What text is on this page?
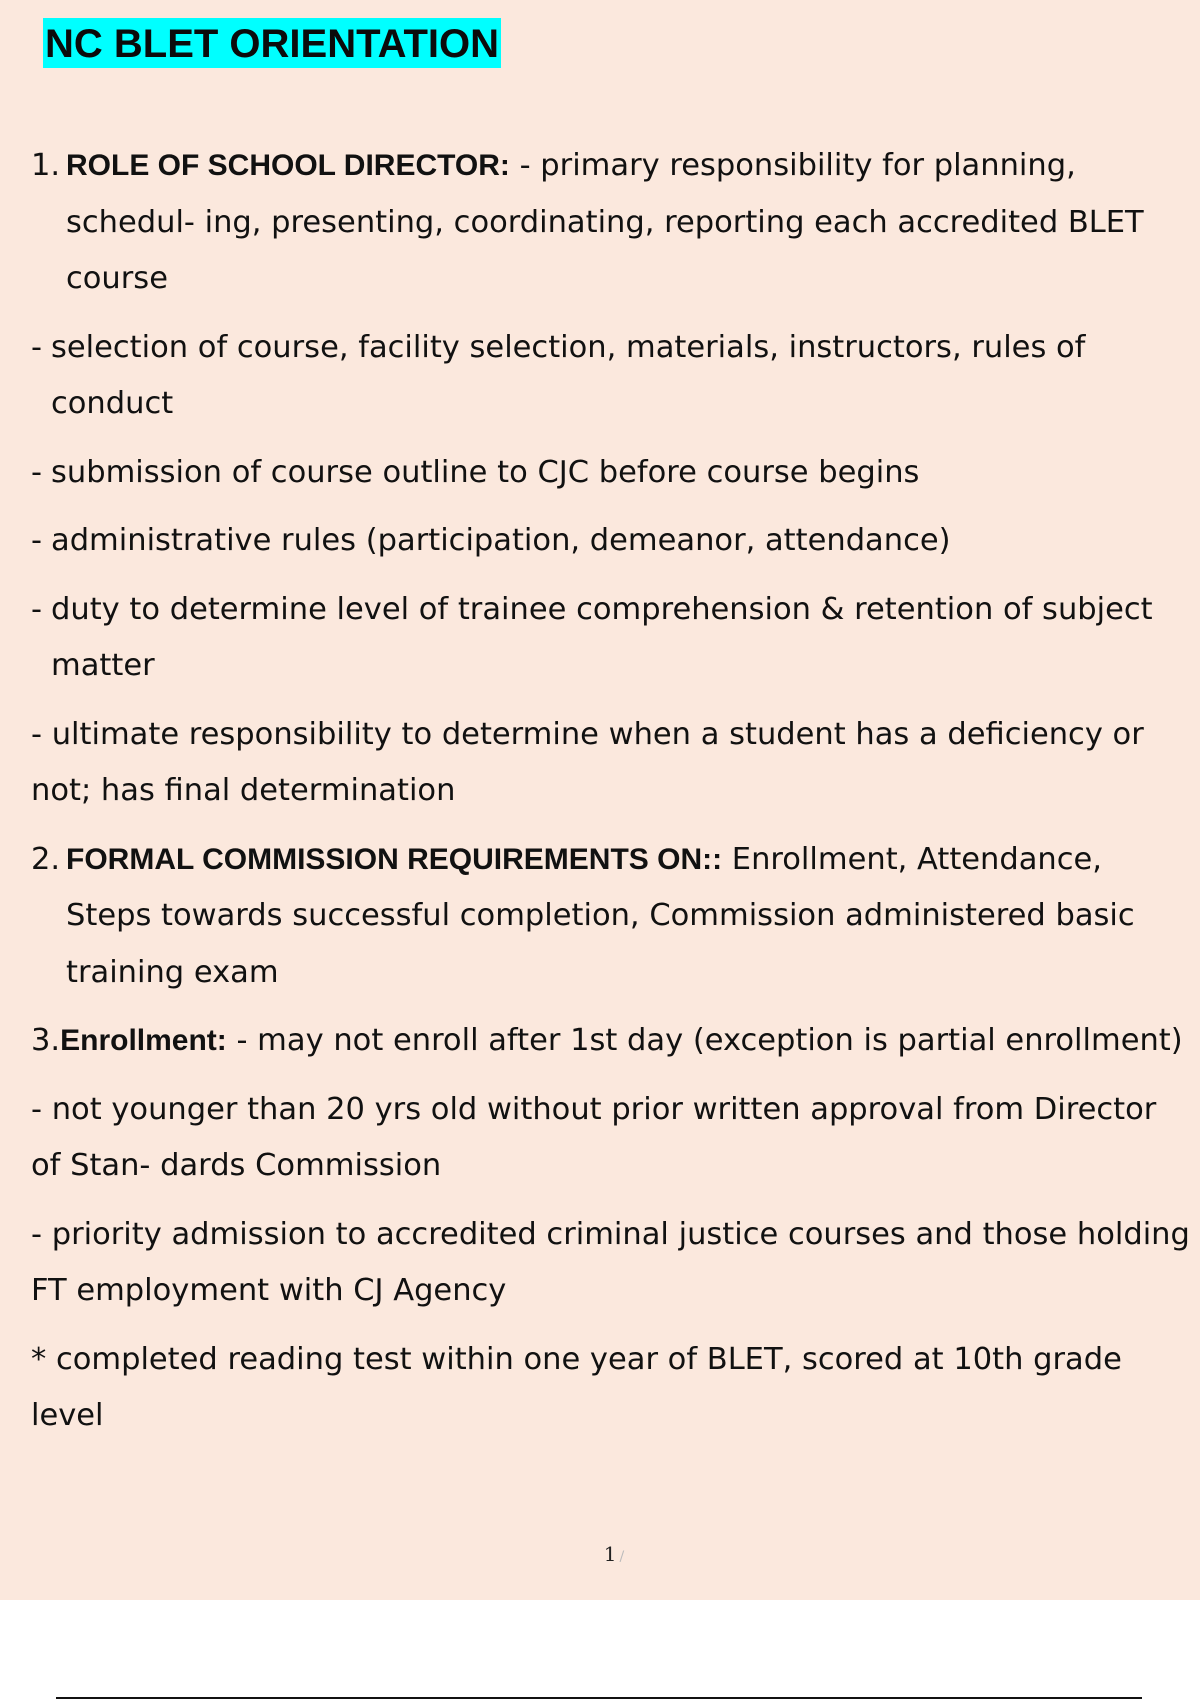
NC BLET ORIENTATION

1. ROLE OF SCHOOL DIRECTOR: - primary responsibility for planning, schedul- ing, presenting, coordinating, reporting each accredited BLET course

- selection of course, facility selection, materials, instructors, rules of conduct

- submission of course outline to CJC before course begins

- administrative rules (participation, demeanor, attendance)

- duty to determine level of trainee comprehension & retention of subject matter

- ultimate responsibility to determine when a student has a deficiency or not; has final determination

2. FORMAL COMMISSION REQUIREMENTS ON:: Enrollment, Attendance, Steps towards successful completion, Commission administered basic training exam

3.Enrollment: - may not enroll after 1st day (exception is partial enrollment)

- not younger than 20 yrs old without prior written approval from Director of Stan- dards Commission

- priority admission to accredited criminal justice courses and those holding FT employment with CJ Agency

* completed reading test within one year of BLET, scored at 10th grade level

1 /
